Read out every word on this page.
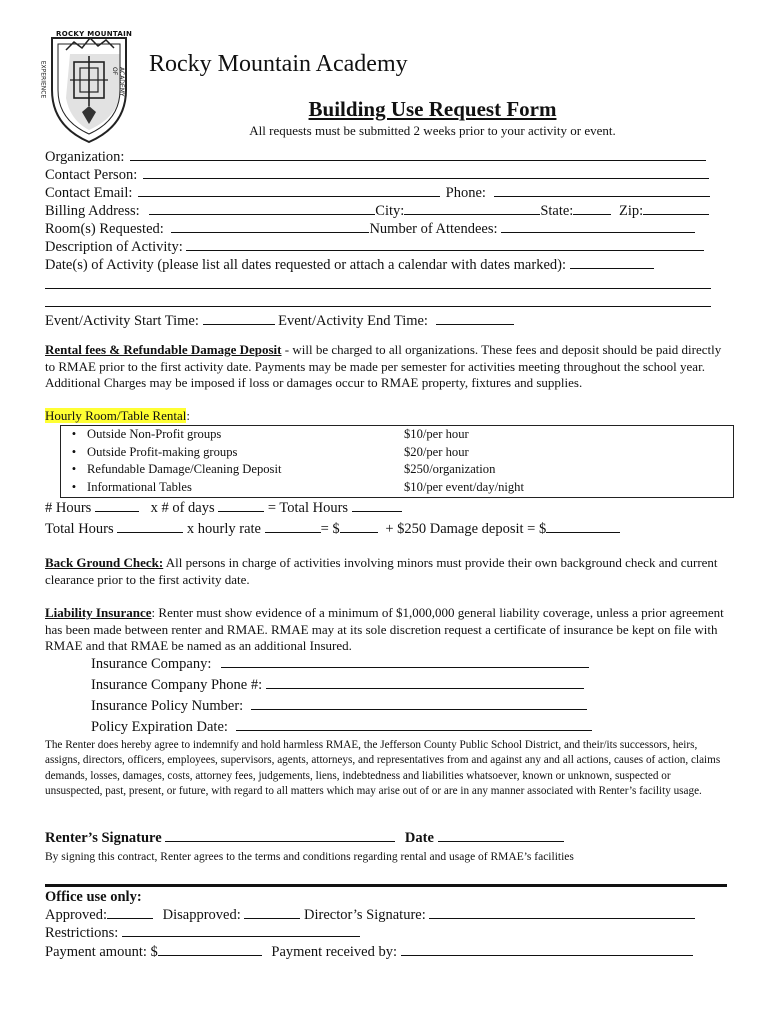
ROCKY MOUNTAIN
EXPERIENCE	ACADEMY OF Rocky Mountain Academy
Building Use Request Form
All requests must be submitted 2 weeks prior to your activity or event.
Organization:
Contact Person:
Contact Email:	Phone:
Billing Address:	City:	State:	Zip:
Room(s) Requested:	Number of Attendees:
Description of Activity:
Date(s) of Activity (please list all dates requested or attach a calendar with dates marked):
Event/Activity Start Time:	Event/Activity End Time:
Rental fees & Refundable Damage Deposit - will be charged to all organizations. These fees and deposit should be paid directly to RMAE prior to the first activity date. Payments may be made per semester for activities meeting throughout the school year. Additional Charges may be imposed if loss or damages occur to RMAE property, fixtures and supplies.
Hourly Room/Table Rental:
•	Outside Non-Profit groups	$10/per hour
•	Outside Profit-making groups	$20/per hour
•	Refundable Damage/Cleaning Deposit	$250/organization
•	Informational Tables	$10/per event/day/night
# Hours	x # of days	= Total Hours
Total Hours	x hourly rate	= $	+ $250 Damage deposit = $
Back Ground Check: All persons in charge of activities involving minors must provide their own background check and current clearance prior to the first activity date.
Liability Insurance: Renter must show evidence of a minimum of $1,000,000 general liability coverage, unless a prior agreement has been made between renter and RMAE. RMAE may at its sole discretion request a certificate of insurance be kept on file with RMAE and that RMAE be named as an additional Insured.
Insurance Company:
Insurance Company Phone #:
Insurance Policy Number:
Policy Expiration Date:
The Renter does hereby agree to indemnify and hold harmless RMAE, the Jefferson County Public School District, and their/its successors, heirs, assigns, directors, officers, employees, supervisors, agents, attorneys, and representatives from and against any and all actions, causes of action, claims demands, losses, damages, costs, attorney fees, judgements, liens, indebtedness and liabilities whatsoever, known or unknown, suspected or unsuspected, past, present, or future, with regard to all matters which may arise out of or are in any manner associated with Renter’s facility usage.
Renter’s Signature	Date
By signing this contract, Renter agrees to the terms and conditions regarding rental and usage of RMAE’s facilities
Office use only:
Approved:	Disapproved:	Director’s Signature:
Restrictions:
Payment amount: $	Payment received by:
